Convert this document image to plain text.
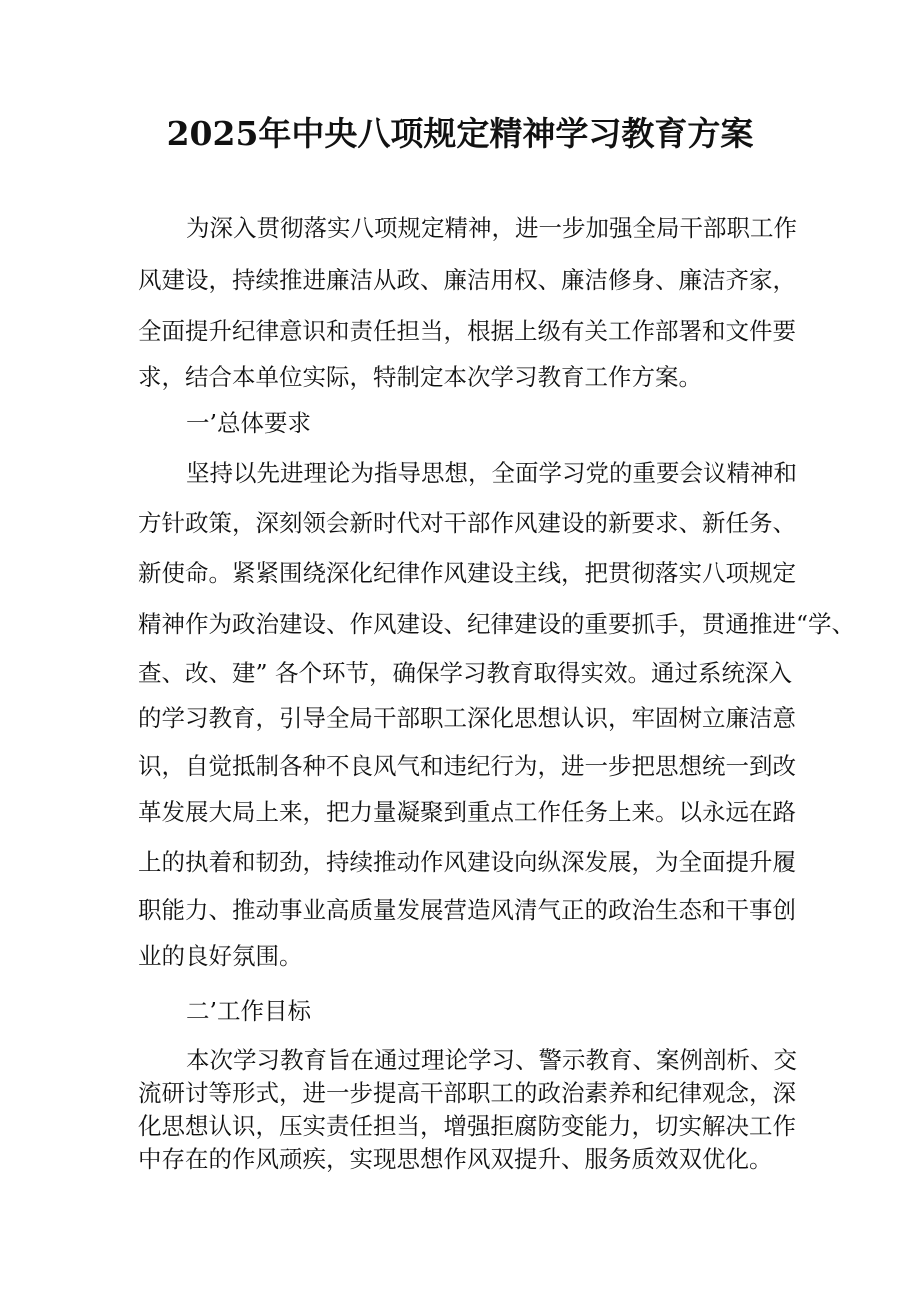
2025年中央八项规定精神学习教育方案

为深入贯彻落实八项规定精神，进一步加强全局干部职工作

风建设，持续推进廉洁从政、廉洁用权、廉洁修身、廉洁齐家，

全面提升纪律意识和责任担当，根据上级有关工作部署和文件要

求，结合本单位实际，特制定本次学习教育工作方案。

一’总体要求

坚持以先进理论为指导思想，全面学习党的重要会议精神和

方针政策，深刻领会新时代对干部作风建设的新要求、新任务、

新使命。紧紧围绕深化纪律作风建设主线，把贯彻落实八项规定

精神作为政治建设、作风建设、纪律建设的重要抓手，贯通推进“学、

查、改、建” 各个环节，确保学习教育取得实效。通过系统深入

的学习教育，引导全局干部职工深化思想认识，牢固树立廉洁意

识，自觉抵制各种不良风气和违纪行为，进一步把思想统一到改

革发展大局上来，把力量凝聚到重点工作任务上来。以永远在路

上的执着和韧劲，持续推动作风建设向纵深发展，为全面提升履

职能力、推动事业高质量发展营造风清气正的政治生态和干事创

业的良好氛围。

二’工作目标

本次学习教育旨在通过理论学习、警示教育、案例剖析、交

流研讨等形式，进一步提高干部职工的政治素养和纪律观念，深

化思想认识，压实责任担当，增强拒腐防变能力，切实解决工作

中存在的作风顽疾，实现思想作风双提升、服务质效双优化。
